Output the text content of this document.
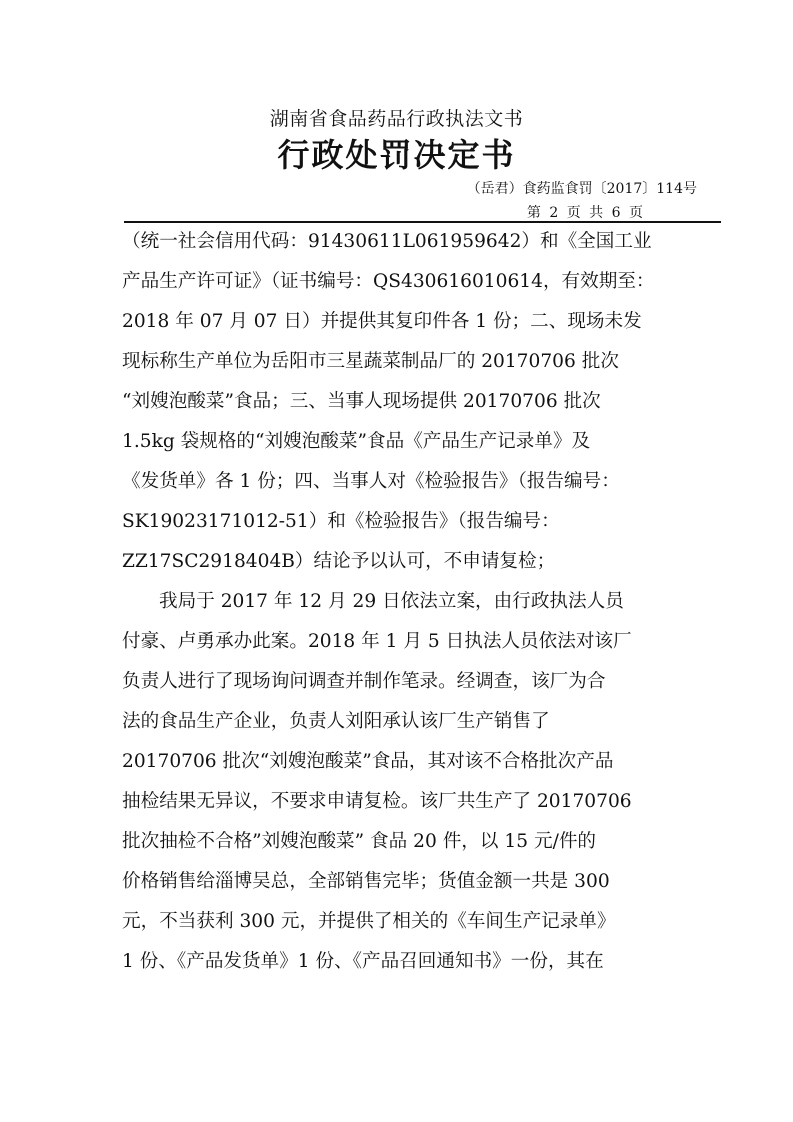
湖南省食品药品行政执法文书
行政处罚决定书
（岳君）食药监食罚〔2017〕114号
第 2 页 共 6 页
（统一社会信用代码：91430611L061959642）和《全国工业
产品生产许可证》（证书编号：QS430616010614，有效期至：
2018 年 07 月 07 日）并提供其复印件各 1 份；二、现场未发
现标称生产单位为岳阳市三星蔬菜制品厂的 20170706 批次
“刘嫂泡酸菜”食品；三、当事人现场提供 20170706 批次
1.5kg 袋规格的“刘嫂泡酸菜”食品《产品生产记录单》及
《发货单》各 1 份；四、当事人对《检验报告》（报告编号：
SK19023171012-51）和《检验报告》（报告编号：
ZZ17SC2918404B）结论予以认可，不申请复检；
我局于 2017 年 12 月 29 日依法立案，由行政执法人员
付豪、卢勇承办此案。2018 年 1 月 5 日执法人员依法对该厂
负责人进行了现场询问调查并制作笔录。经调查，该厂为合
法的食品生产企业，负责人刘阳承认该厂生产销售了
20170706 批次“刘嫂泡酸菜”食品，其对该不合格批次产品
抽检结果无异议，不要求申请复检。该厂共生产了 20170706
批次抽检不合格”刘嫂泡酸菜” 食品 20 件，以 15 元/件的
价格销售给淄博吴总，全部销售完毕；货值金额一共是 300
元，不当获利 300 元，并提供了相关的《车间生产记录单》
1 份、《产品发货单》1 份、《产品召回通知书》一份，其在
